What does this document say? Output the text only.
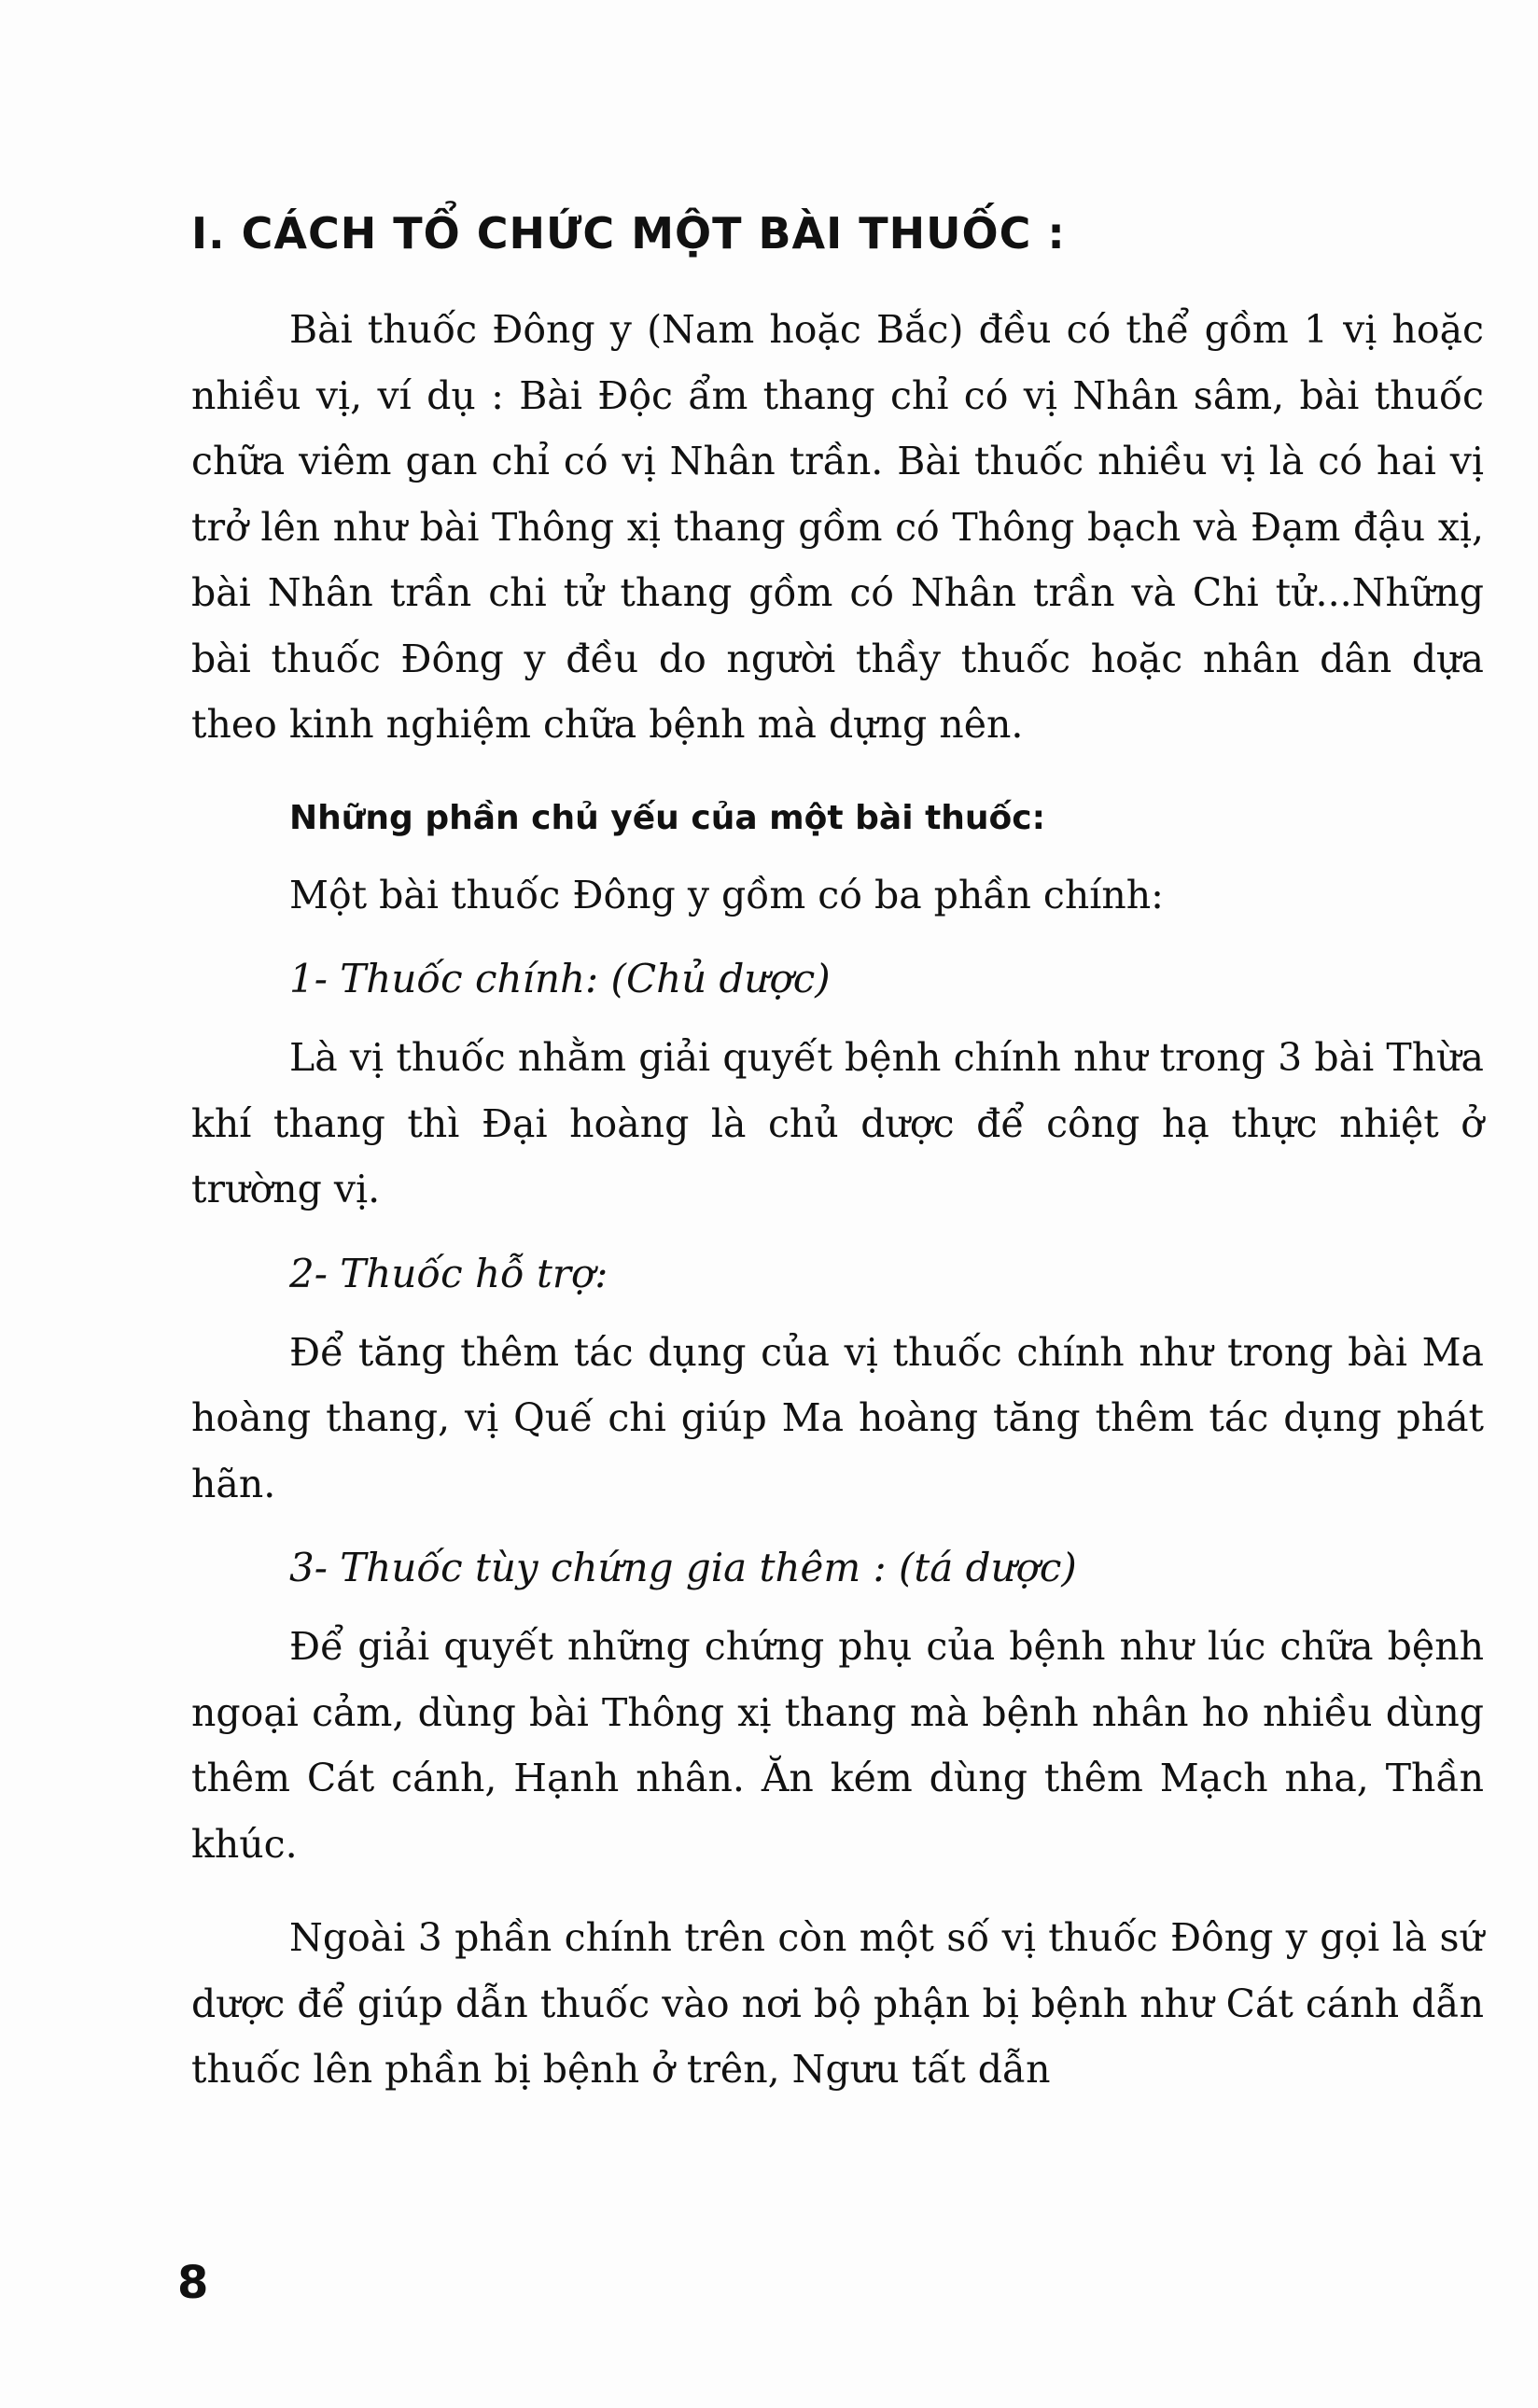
I. CÁCH TỔ CHỨC MỘT BÀI THUỐC :

Bài thuốc Đông y (Nam hoặc Bắc) đều có thể gồm 1 vị hoặc nhiều vị, ví dụ : Bài Độc ẩm thang chỉ có vị Nhân sâm, bài thuốc chữa viêm gan chỉ có vị Nhân trần. Bài thuốc nhiều vị là có hai vị trở lên như bài Thông xị thang gồm có Thông bạch và Đạm đậu xị, bài Nhân trần chi tử thang gồm có Nhân trần và Chi tử...Những bài thuốc Đông y đều do người thầy thuốc hoặc nhân dân dựa theo kinh nghiệm chữa bệnh mà dựng nên.

Những phần chủ yếu của một bài thuốc:

Một bài thuốc Đông y gồm có ba phần chính:

1- Thuốc chính: (Chủ dược)

Là vị thuốc nhằm giải quyết bệnh chính như trong 3 bài Thừa khí thang thì Đại hoàng là chủ dược để công hạ thực nhiệt ở trường vị.

2- Thuốc hỗ trợ:

Để tăng thêm tác dụng của vị thuốc chính như trong bài Ma hoàng thang, vị Quế chi giúp Ma hoàng tăng thêm tác dụng phát hãn.

3- Thuốc tùy chứng gia thêm : (tá dược)

Để giải quyết những chứng phụ của bệnh như lúc chữa bệnh ngoại cảm, dùng bài Thông xị thang mà bệnh nhân ho nhiều dùng thêm Cát cánh, Hạnh nhân. Ăn kém dùng thêm Mạch nha, Thần khúc.

Ngoài 3 phần chính trên còn một số vị thuốc Đông y gọi là sứ dược để giúp dẫn thuốc vào nơi bộ phận bị bệnh như Cát cánh dẫn thuốc lên phần bị bệnh ở trên, Ngưu tất dẫn

8
